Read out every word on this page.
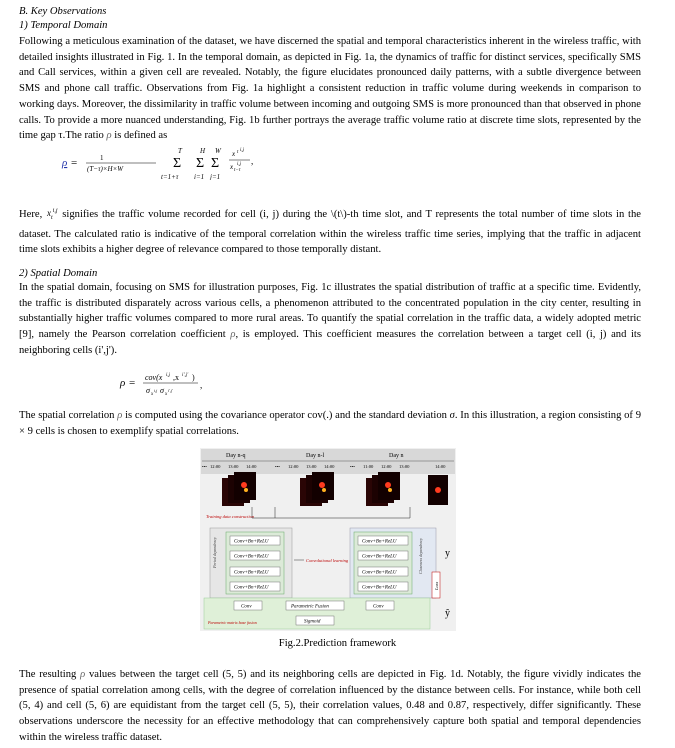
B. Key Observations
1) Temporal Domain
Following a meticulous examination of the dataset, we have discerned the spatial and temporal characteristics inherent in the wireless traffic, with detailed insights illustrated in Fig. 1. In the temporal domain, as depicted in Fig. 1a, the dynamics of traffic for distinct services, specifically SMS and Call services, within a given cell are revealed. Notably, the figure elucidates pronounced daily patterns, with a subtle divergence between SMS and phone call traffic. Observations from Fig. 1a highlight a consistent reduction in traffic volume during weekends in comparison to working days. Moreover, the dissimilarity in traffic volume between incoming and outgoing SMS is more pronounced than that observed in phone calls. To provide a more nuanced understanding, Fig. 1b further portrays the average traffic volume ratio at discrete time slots, represented by the time gap τ.The ratio ρ is defined as
ρ =	1
(T−τ)×H×W
T
Σ
t=1+τ
H
Σ
i=1
W
Σ
j=1
x t i,j
x t−τ
i,j ,
Here, $x_t^{i,j}$ signifies the traffic volume recorded for cell (i, j) during the \(t\)-th time slot, and T represents the total number of time slots in the dataset. The calculated ratio is indicative of the temporal correlation within the wireless traffic time series, implying that the traffic in adjacent time slots exhibits a higher degree of relevance compared to those temporally distant.
2) Spatial Domain
In the spatial domain, focusing on SMS for illustration purposes, Fig. 1c illustrates the spatial distribution of traffic at a specific time. Evidently, the traffic is distributed disparately across various cells, a phenomenon attributed to the concentrated population in the city center, resulting in substantially higher traffic volumes compared to more rural areas. To quantify the spatial correlation in the traffic data, a widely adopted metric [9], namely the Pearson correlation coefficient ρ, is employed. This coefficient measures the correlation between a target cell (i, j) and its neighboring cells (i',j').
ρ = cov(x i,j ,x i',j' )
σ x
i,j σ x
i',j'
,
The spatial correlation ρ is computed using the covariance operator cov(.) and the standard deviation σ. In this illustration, a region consisting of 9 × 9 cells is chosen to exemplify spatial correlations.
Day n-q	Day n-l	Day n
••• 12:00 13:00 14:00	••• 12:00 13:00 14:00	••• 11:00 12:00 13:00	14:00
Training data construction
Conv+Bn+ReLU
Conv+Bn+ReLU
Conv+Bn+ReLU
Conv+Bn+ReLU
Period dependency	Convolutional learning
Conv+Bn+ReLU
Conv+Bn+ReLU
Conv+Bn+ReLU
Conv+Bn+ReLU
Closeness dependency
Loss
y
ŷ
Conv	Parametric Fusion	Conv
Sigmoid
Parametric matrix base fusion
Fig.2.Prediction framework
The resulting ρ values between the target cell (5, 5) and its neighboring cells are depicted in Fig. 1d. Notably, the figure vividly indicates the presence of spatial correlation among cells, with the degree of correlation influenced by the distance between cells. For instance, while both cell (5, 4) and cell (5, 6) are equidistant from the target cell (5, 5), their correlation values, 0.48 and 0.87, respectively, differ significantly. These observations underscore the necessity for an effective methodology that can comprehensively capture both spatial and temporal dependencies within the wireless traffic dataset.
